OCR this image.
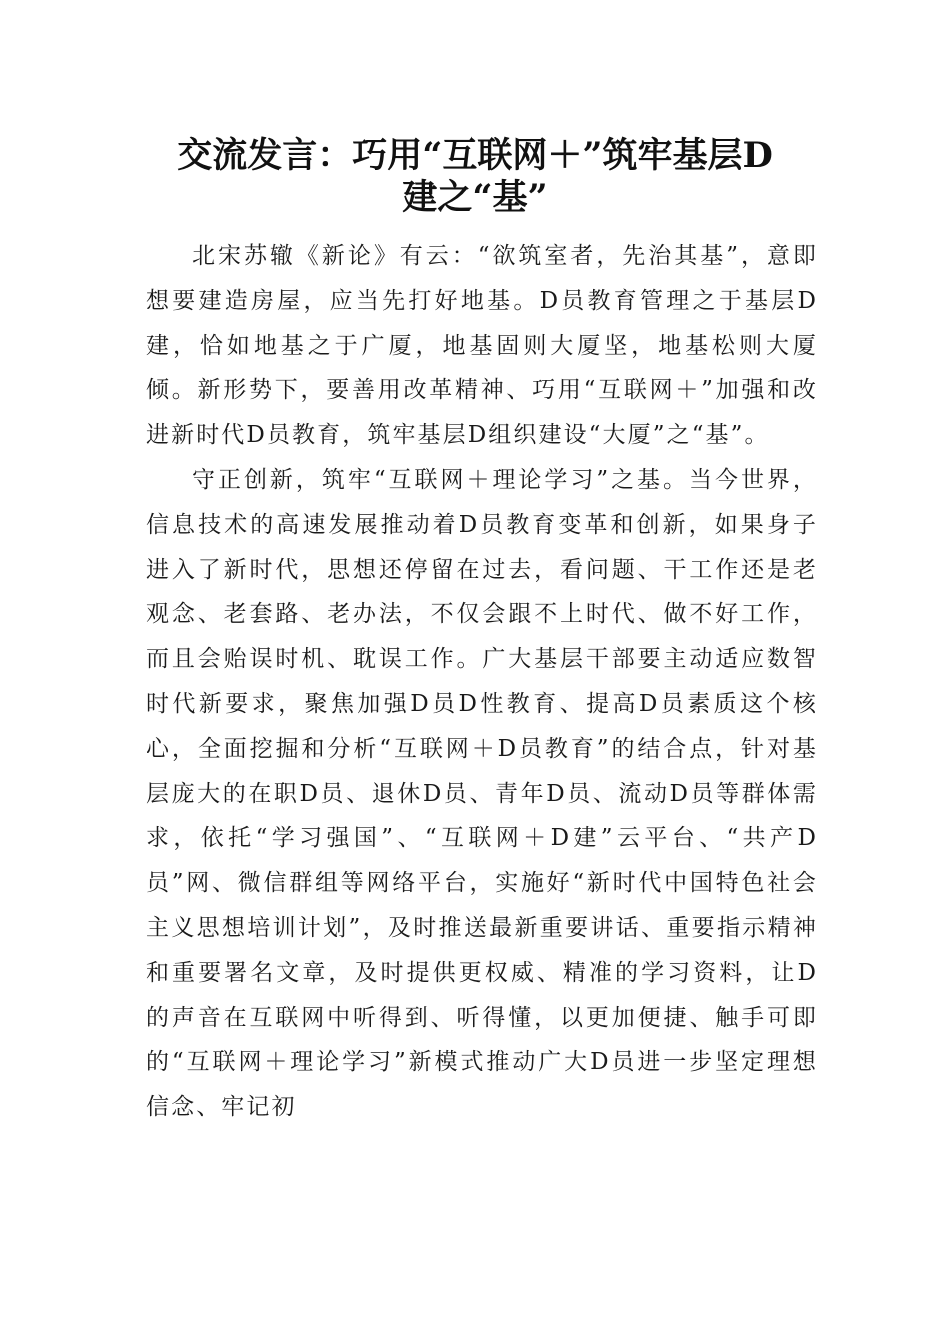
交流发言：巧用“互联网＋”筑牢基层D
建之“基”

北宋苏辙《新论》有云：“欲筑室者，先治其基”，意即想要建造房屋，应当先打好地基。D员教育管理之于基层D建，恰如地基之于广厦，地基固则大厦坚，地基松则大厦倾。新形势下，要善用改革精神、巧用“互联网＋”加强和改进新时代D员教育，筑牢基层D组织建设“大厦”之“基”。

守正创新，筑牢“互联网＋理论学习”之基。当今世界，信息技术的高速发展推动着D员教育变革和创新，如果身子进入了新时代，思想还停留在过去，看问题、干工作还是老观念、老套路、老办法，不仅会跟不上时代、做不好工作，而且会贻误时机、耽误工作。广大基层干部要主动适应数智时代新要求，聚焦加强D员D性教育、提高D员素质这个核心，全面挖掘和分析“互联网＋D员教育”的结合点，针对基层庞大的在职D员、退休D员、青年D员、流动D员等群体需求，依托“学习强国”、“互联网＋D建”云平台、“共产D员”网、微信群组等网络平台，实施好“新时代中国特色社会主义思想培训计划”，及时推送最新重要讲话、重要指示精神和重要署名文章，及时提供更权威、精准的学习资料，让D的声音在互联网中听得到、听得懂，以更加便捷、触手可即的“互联网＋理论学习”新模式推动广大D员进一步坚定理想信念、牢记初
